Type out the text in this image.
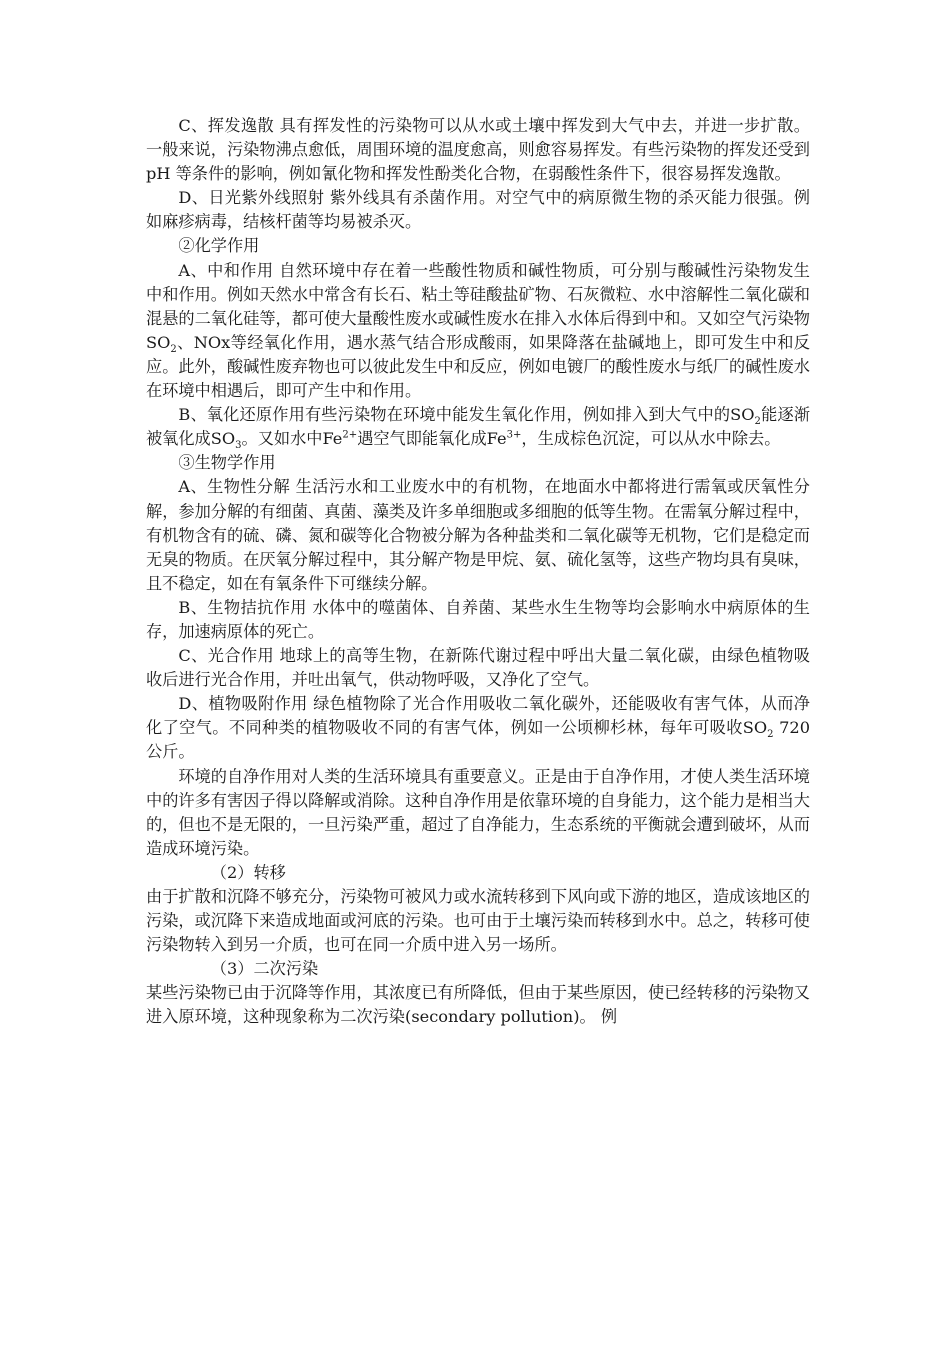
C、挥发逸散 具有挥发性的污染物可以从水或土壤中挥发到大气中去，并进一步扩散。一般来说，污染物沸点愈低，周围环境的温度愈高，则愈容易挥发。有些污染物的挥发还受到 pH 等条件的影响，例如氰化物和挥发性酚类化合物，在弱酸性条件下，很容易挥发逸散。

D、日光紫外线照射 紫外线具有杀菌作用。对空气中的病原微生物的杀灭能力很强。例如麻疹病毒，结核杆菌等均易被杀灭。

②化学作用

A、中和作用 自然环境中存在着一些酸性物质和碱性物质，可分别与酸碱性污染物发生中和作用。例如天然水中常含有长石、粘土等硅酸盐矿物、石灰微粒、水中溶解性二氧化碳和混悬的二氧化硅等，都可使大量酸性废水或碱性废水在排入水体后得到中和。又如空气污染物$SO_2$、NOx等经氧化作用，遇水蒸气结合形成酸雨，如果降落在盐碱地上，即可发生中和反应。此外，酸碱性废弃物也可以彼此发生中和反应，例如电镀厂的酸性废水与纸厂的碱性废水在环境中相遇后，即可产生中和作用。

B、氧化还原作用有些污染物在环境中能发生氧化作用，例如排入到大气中的$SO_2$能逐渐被氧化成$SO_3$。又如水中$Fe^{2+}$遇空气即能氧化成$Fe^{3+}$，生成棕色沉淀，可以从水中除去。

③生物学作用

A、生物性分解 生活污水和工业废水中的有机物，在地面水中都将进行需氧或厌氧性分解，参加分解的有细菌、真菌、藻类及许多单细胞或多细胞的低等生物。在需氧分解过程中，有机物含有的硫、磷、氮和碳等化合物被分解为各种盐类和二氧化碳等无机物，它们是稳定而无臭的物质。在厌氧分解过程中，其分解产物是甲烷、氨、硫化氢等，这些产物均具有臭味，且不稳定，如在有氧条件下可继续分解。

B、生物拮抗作用 水体中的噬菌体、自养菌、某些水生生物等均会影响水中病原体的生存，加速病原体的死亡。

C、光合作用 地球上的高等生物，在新陈代谢过程中呼出大量二氧化碳，由绿色植物吸收后进行光合作用，并吐出氧气，供动物呼吸，又净化了空气。

D、植物吸附作用 绿色植物除了光合作用吸收二氧化碳外，还能吸收有害气体，从而净化了空气。不同种类的植物吸收不同的有害气体，例如一公顷柳杉林，每年可吸收$SO_2$ 720 公斤。

环境的自净作用对人类的生活环境具有重要意义。正是由于自净作用，才使人类生活环境中的许多有害因子得以降解或消除。这种自净作用是依靠环境的自身能力，这个能力是相当大的，但也不是无限的，一旦污染严重，超过了自净能力，生态系统的平衡就会遭到破坏，从而造成环境污染。

（2）转移

由于扩散和沉降不够充分，污染物可被风力或水流转移到下风向或下游的地区，造成该地区的污染，或沉降下来造成地面或河底的污染。也可由于土壤污染而转移到水中。总之，转移可使污染物转入到另一介质，也可在同一介质中进入另一场所。

（3）二次污染

某些污染物已由于沉降等作用，其浓度已有所降低，但由于某些原因，使已经转移的污染物又进入原环境，这种现象称为二次污染(secondary pollution)。 例
